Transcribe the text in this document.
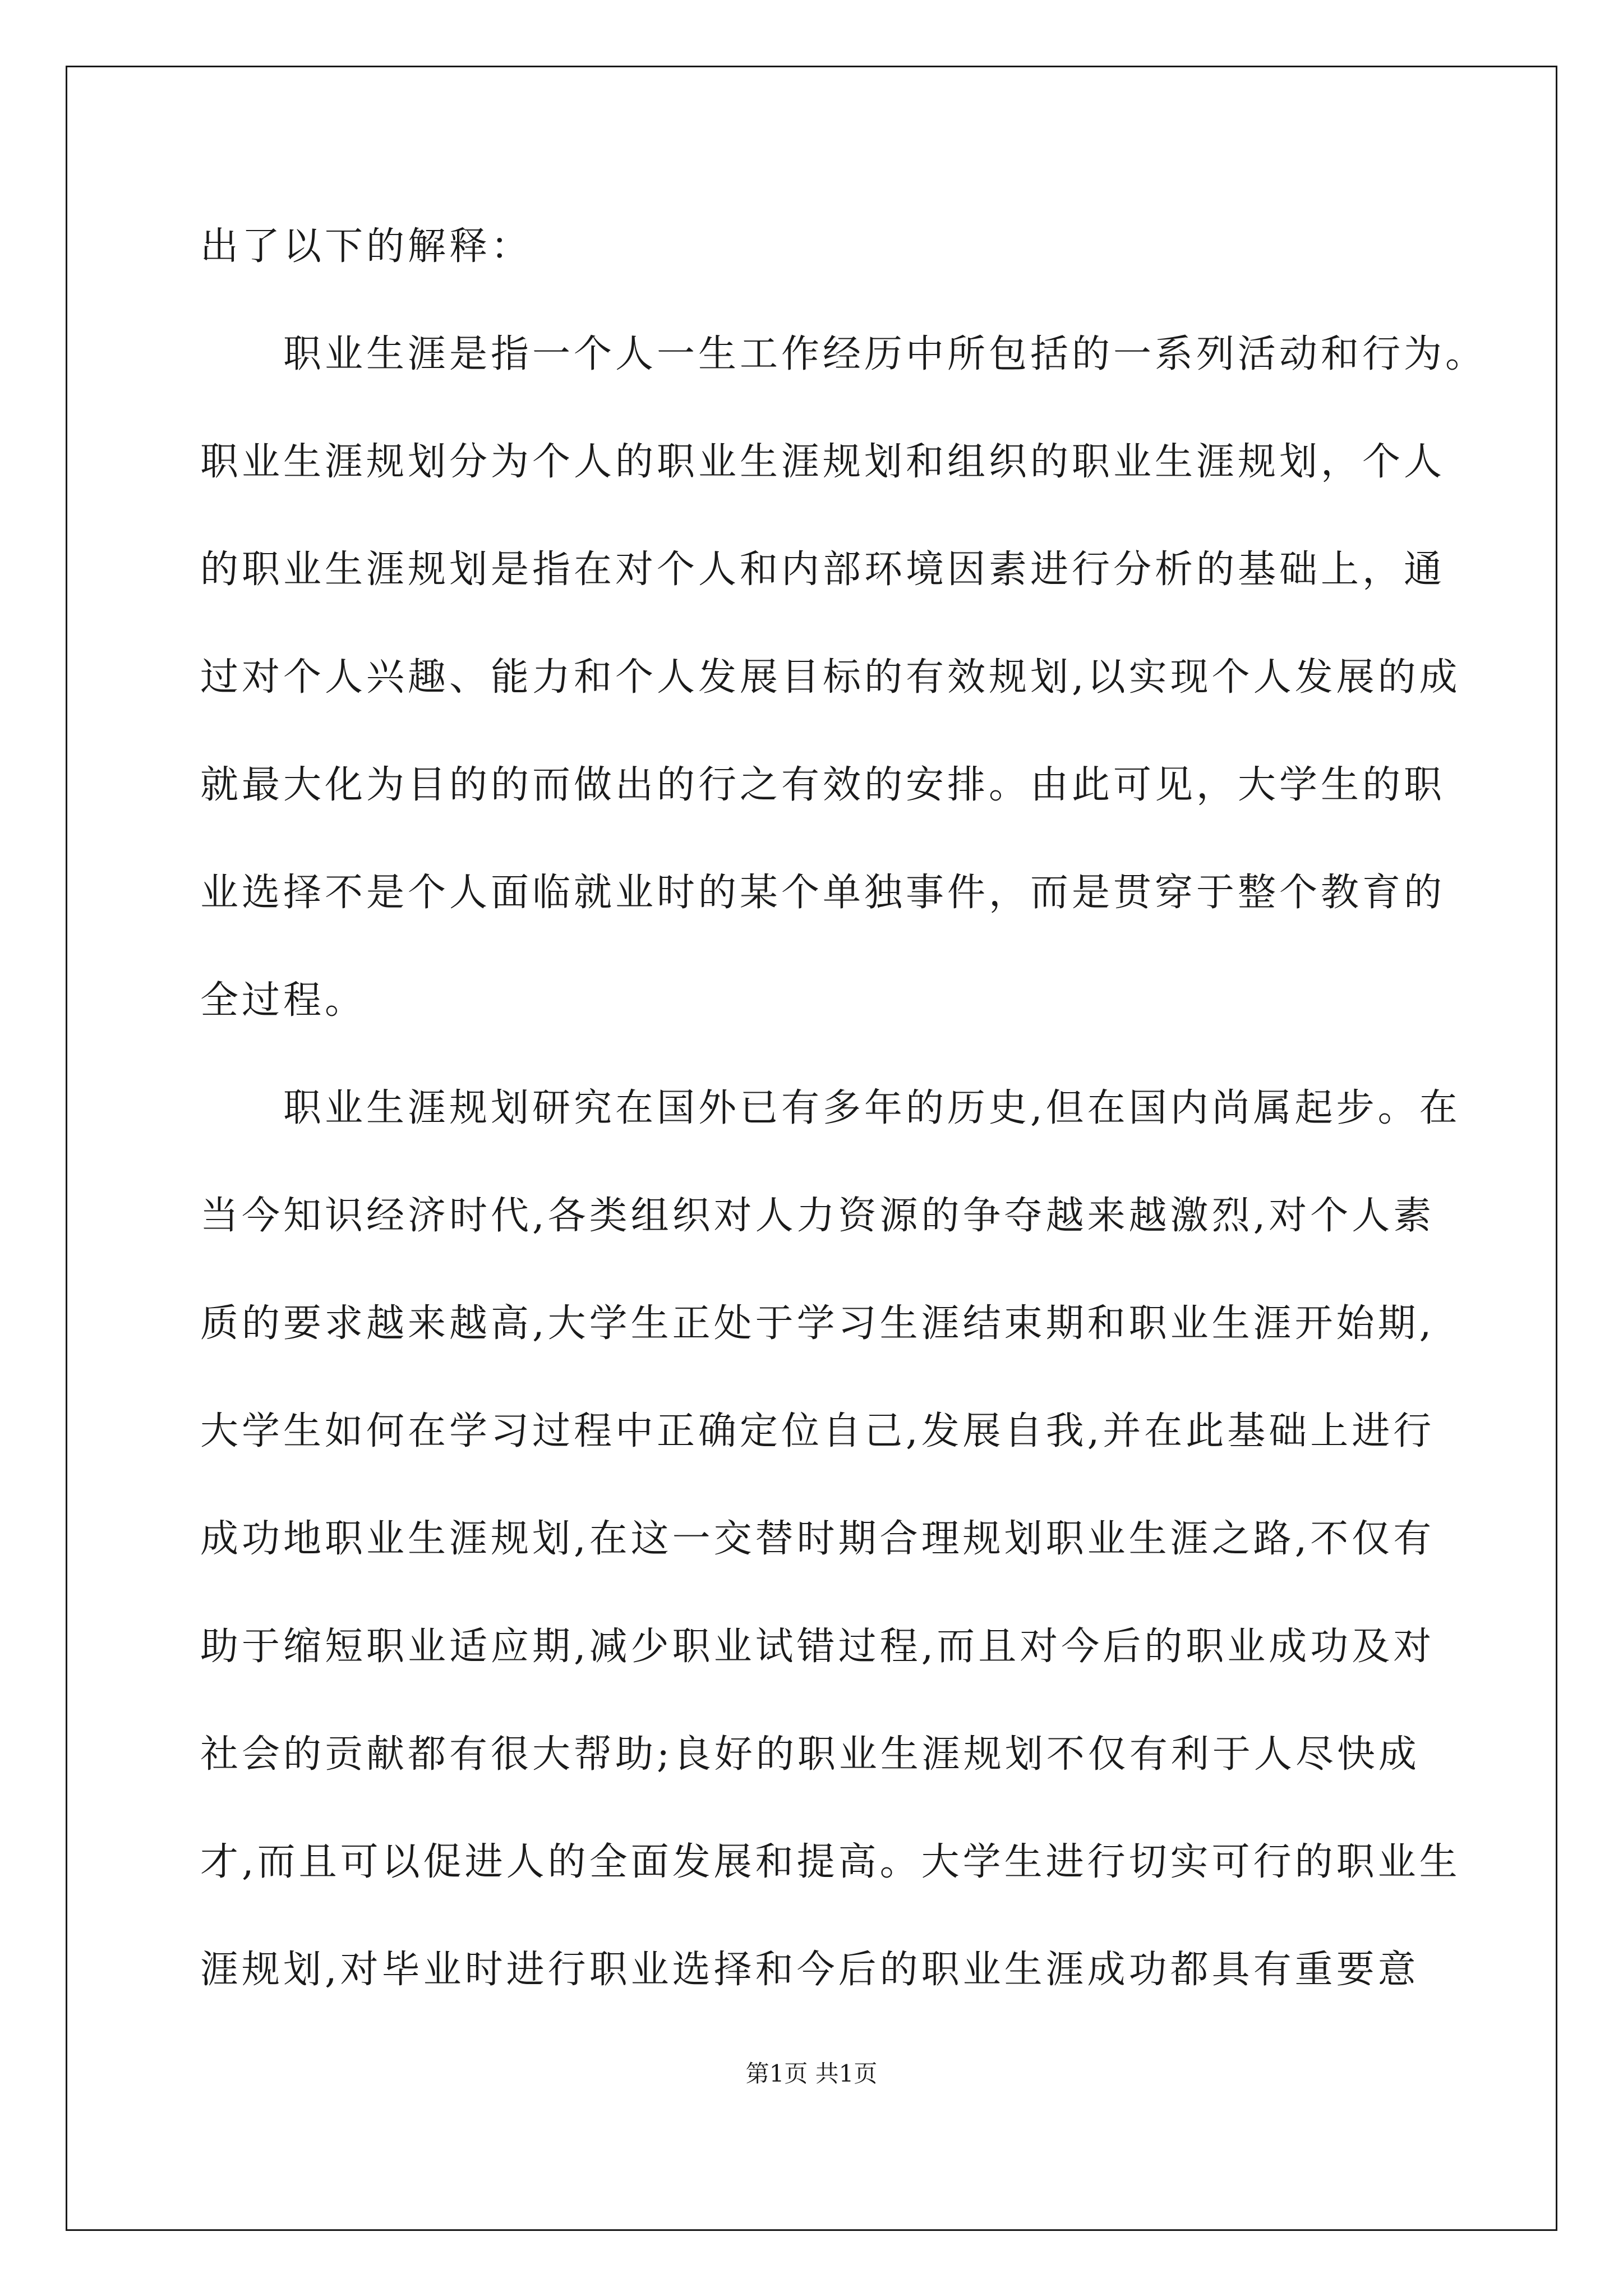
出了以下的解释：
职业生涯是指一个人一生工作经历中所包括的一系列活动和行为。
职业生涯规划分为个人的职业生涯规划和组织的职业生涯规划，个人
的职业生涯规划是指在对个人和内部环境因素进行分析的基础上，通
过对个人兴趣、能力和个人发展目标的有效规划,以实现个人发展的成
就最大化为目的的而做出的行之有效的安排。由此可见，大学生的职
业选择不是个人面临就业时的某个单独事件，而是贯穿于整个教育的
全过程。
职业生涯规划研究在国外已有多年的历史,但在国内尚属起步。在
当今知识经济时代,各类组织对人力资源的争夺越来越激烈,对个人素
质的要求越来越高,大学生正处于学习生涯结束期和职业生涯开始期,
大学生如何在学习过程中正确定位自己,发展自我,并在此基础上进行
成功地职业生涯规划,在这一交替时期合理规划职业生涯之路,不仅有
助于缩短职业适应期,减少职业试错过程,而且对今后的职业成功及对
社会的贡献都有很大帮助;良好的职业生涯规划不仅有利于人尽快成
才,而且可以促进人的全面发展和提高。大学生进行切实可行的职业生
涯规划,对毕业时进行职业选择和今后的职业生涯成功都具有重要意
第1页 共1页
